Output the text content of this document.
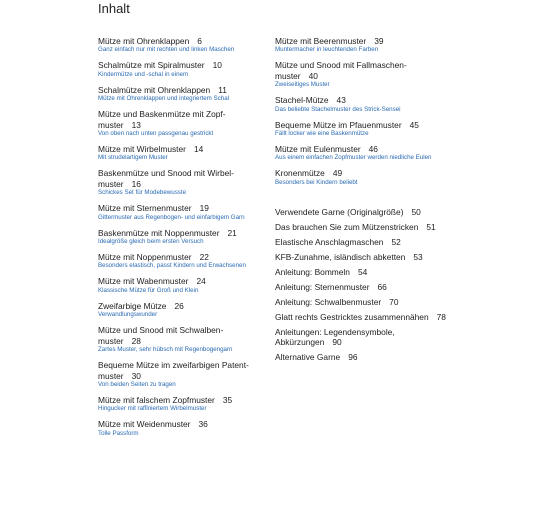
Inhalt
Mütze mit Ohrenklappen 6
Ganz einfach nur mit rechten und linken Maschen
Schalmütze mit Spiralmuster 10
Kindermütze und -schal in einem
Schalmütze mit Ohrenklappen 11
Mütze mit Ohrenklappen und integriertem Schal
Mütze und Baskenmütze mit Zopf-
muster 13
Von oben nach unten passgenau gestrickt
Mütze mit Wirbelmuster 14
Mit strudelartigem Muster
Baskenmütze und Snood mit Wirbel-
muster 16
Schickes Set für Modebewusste
Mütze mit Sternenmuster 19
Gittermuster aus Regenbogen- und einfarbigem Garn
Baskenmütze mit Noppenmuster 21
Idealgröße gleich beim ersten Versuch
Mütze mit Noppenmuster 22
Besonders elastisch, passt Kindern und Erwachsenen
Mütze mit Wabenmuster 24
Klassische Mütze für Groß und Klein
Zweifarbige Mütze 26
Verwandlungswunder
Mütze und Snood mit Schwalben-
muster 28
Zartes Muster, sehr hübsch mit Regenbogengarn
Bequeme Mütze im zweifarbigen Patent-
muster 30
Von beiden Seiten zu tragen
Mütze mit falschem Zopfmuster 35
Hingucker mit raffiniertem Wirbelmuster
Mütze mit Weidenmuster 36
Tolle Passform
Mütze mit Beerenmuster 39
Muntermacher in leuchtenden Farben
Mütze und Snood mit Fallmaschen-
muster 40
Zweiseitiges Muster
Stachel-Mütze 43
Das beliebte Stachelmuster des Strick-Sensei
Bequeme Mütze im Pfauenmuster 45
Fällt locker wie eine Baskenmütze
Mütze mit Eulenmuster 46
Aus einem einfachen Zopfmuster werden niedliche Eulen
Kronenmütze 49
Besonders bei Kindern beliebt
Verwendete Garne (Originalgröße) 50
Das brauchen Sie zum Mützenstricken 51
Elastische Anschlagmaschen 52
KFB-Zunahme, isländisch abketten 53
Anleitung: Bommeln 54
Anleitung: Sternenmuster 66
Anleitung: Schwalbenmuster 70
Glatt rechts Gestricktes zusammennähen 78
Anleitungen: Legendensymbole,
Abkürzungen 90
Alternative Garne 96
